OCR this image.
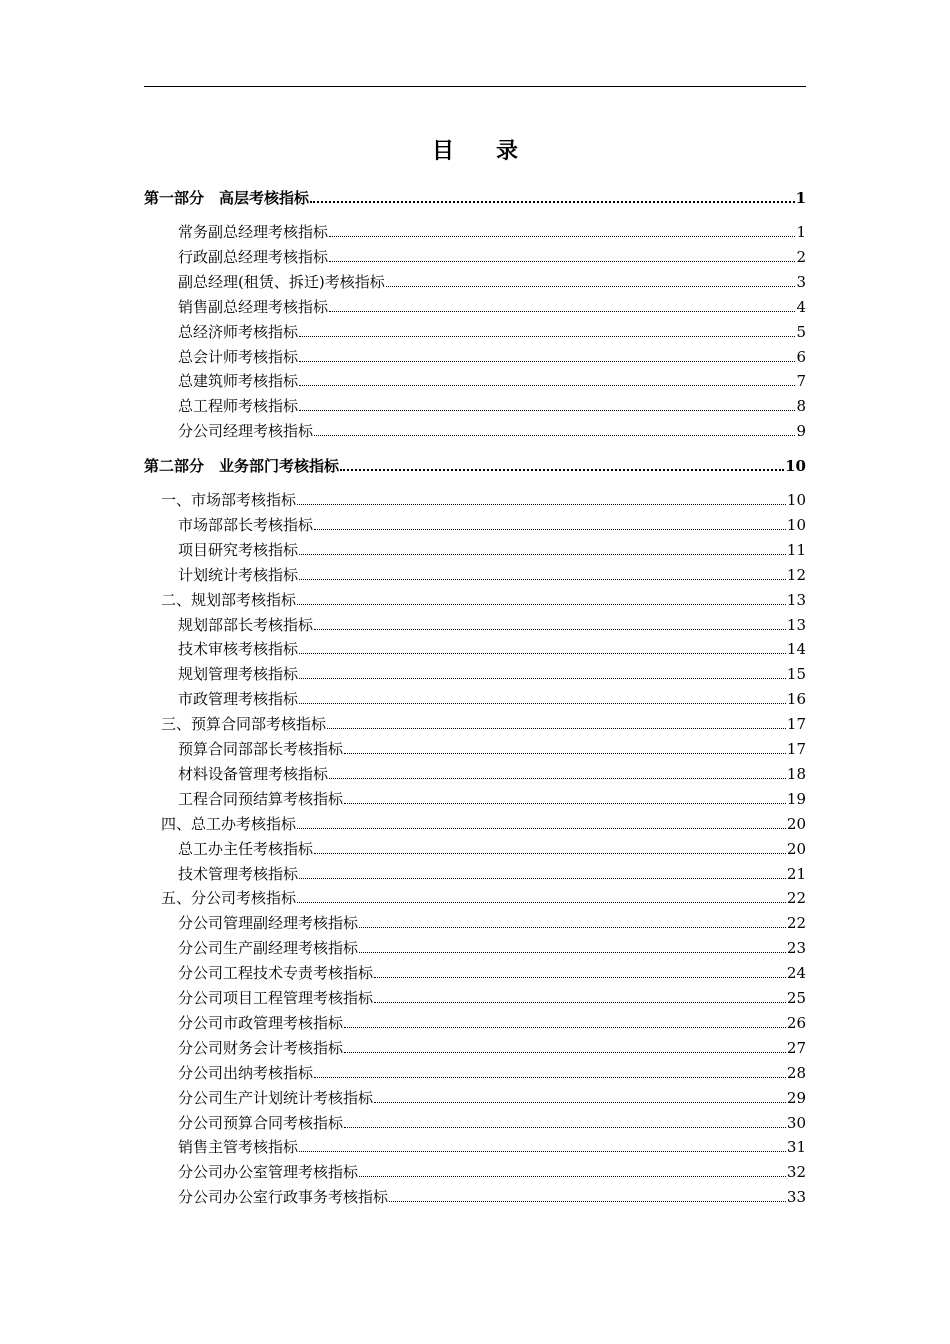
目 录
第一部分　高层考核指标	1
常务副总经理考核指标	1
行政副总经理考核指标	2
副总经理(租赁、拆迁)考核指标	3
销售副总经理考核指标	4
总经济师考核指标	5
总会计师考核指标	6
总建筑师考核指标	7
总工程师考核指标	8
分公司经理考核指标	9
第二部分　业务部门考核指标	10
一、市场部考核指标	10
市场部部长考核指标	10
项目研究考核指标	11
计划统计考核指标	12
二、规划部考核指标	13
规划部部长考核指标	13
技术审核考核指标	14
规划管理考核指标	15
市政管理考核指标	16
三、预算合同部考核指标	17
预算合同部部长考核指标	17
材料设备管理考核指标	18
工程合同预结算考核指标	19
四、总工办考核指标	20
总工办主任考核指标	20
技术管理考核指标	21
五、分公司考核指标	22
分公司管理副经理考核指标	22
分公司生产副经理考核指标	23
分公司工程技术专责考核指标	24
分公司项目工程管理考核指标	25
分公司市政管理考核指标	26
分公司财务会计考核指标	27
分公司出纳考核指标	28
分公司生产计划统计考核指标	29
分公司预算合同考核指标	30
销售主管考核指标	31
分公司办公室管理考核指标	32
分公司办公室行政事务考核指标	33
